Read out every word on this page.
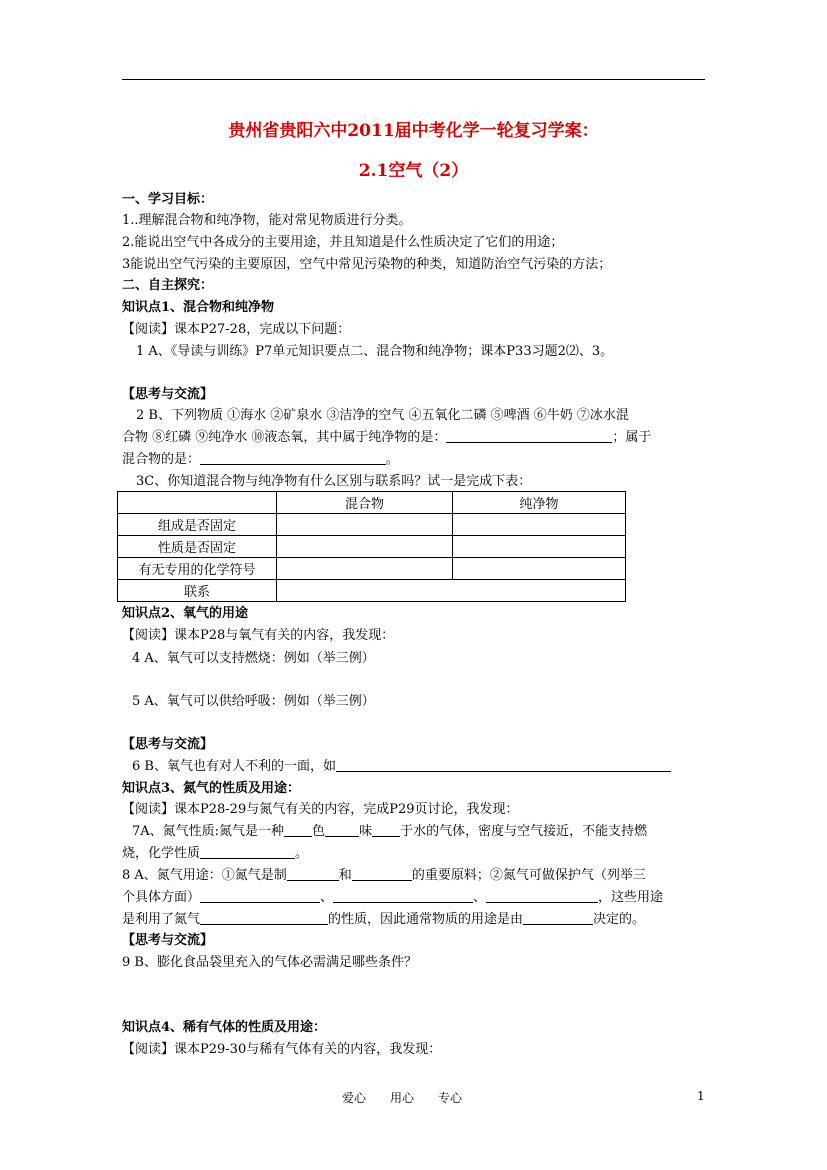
贵州省贵阳六中2011届中考化学一轮复习学案：
2.1空气（2）
一、学习目标：
1..理解混合物和纯净物，能对常见物质进行分类。
2.能说出空气中各成分的主要用途，并且知道是什么性质决定了它们的用途；
3能说出空气污染的主要原因，空气中常见污染物的种类，知道防治空气污染的方法；
二、自主探究：
知识点1、混合物和纯净物
【阅读】课本P27-28，完成以下问题：
1 A、《导读与训练》P7单元知识要点二、混合物和纯净物；课本P33习题2⑵、3。
【思考与交流】
2 B、下列物质 ①海水 ②矿泉水 ③洁净的空气 ④五氧化二磷 ⑤啤酒 ⑥牛奶 ⑦冰水混
合物 ⑧红磷 ⑨纯净水 ⑩液态氧，其中属于纯净物的是：	；属于
混合物的是：	。
3C、你知道混合物与纯净物有什么区别与联系吗？试一是完成下表：
	混合物	纯净物
组成是否固定		
性质是否固定		
有无专用的化学符号		
联系		
知识点2、氧气的用途
【阅读】课本P28与氧气有关的内容，我发现：
4 A、氧气可以支持燃烧：例如（举三例）
5 A、氧气可以供给呼吸：例如（举三例）
【思考与交流】
6 B、氧气也有对人不利的一面，如
知识点3、氮气的性质及用途：
【阅读】课本P28-29与氮气有关的内容，完成P29页讨论，我发现：
7A、氮气性质:氮气是一种 色	味 于水的气体，密度与空气接近，不能支持燃
烧，化学性质	。
8 A、氮气用途：①氮气是制	和	的重要原料；②氮气可做保护气（列举三
个具体方面）	、	、	，这些用途
是利用了氮气	的性质，因此通常物质的用途是由	决定的。
【思考与交流】
9 B、膨化食品袋里充入的气体必需满足哪些条件？
知识点4、稀有气体的性质及用途：
【阅读】课本P29-30与稀有气体有关的内容，我发现：
爱心　　用心　　专心	1
